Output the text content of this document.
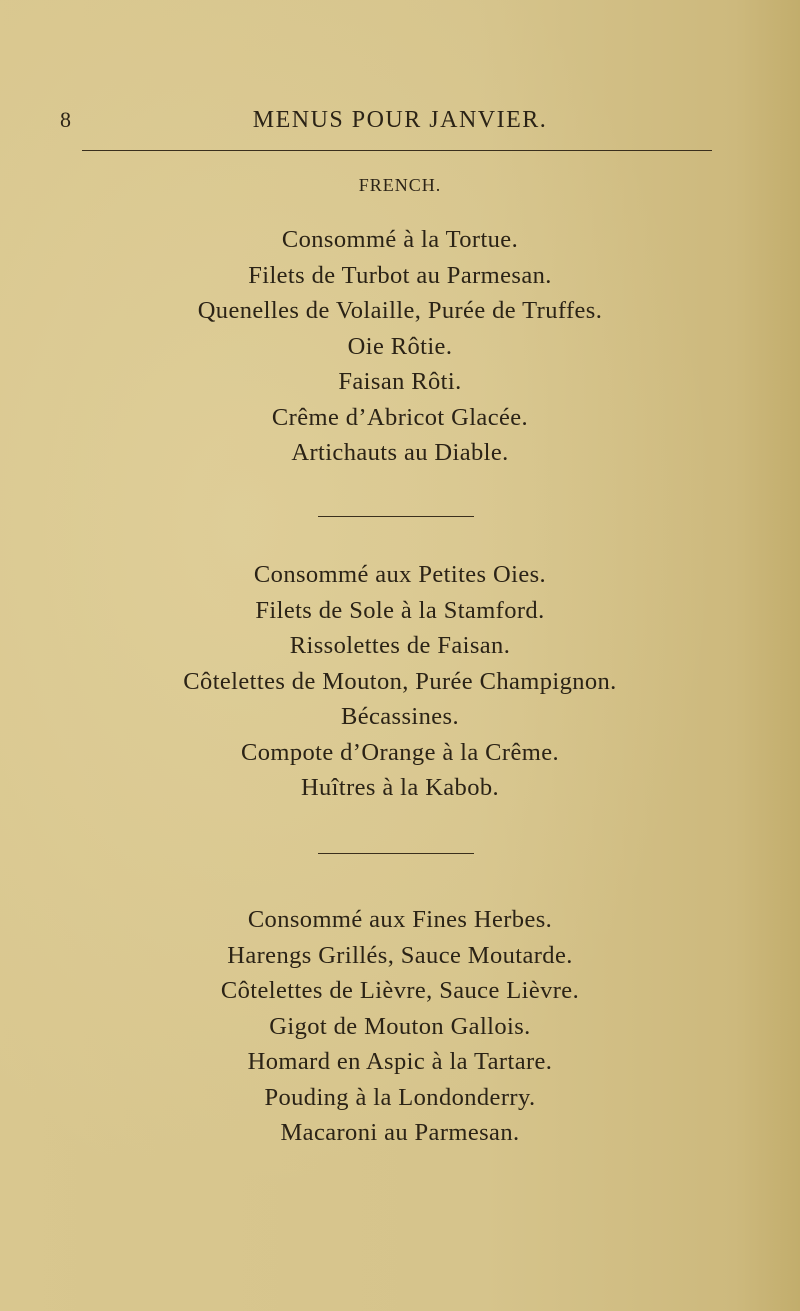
8	MENUS POUR JANVIER.
FRENCH.
Consommé à la Tortue.
Filets de Turbot au Parmesan.
Quenelles de Volaille, Purée de Truffes.
Oie Rôtie.
Faisan Rôti.
Crême d’Abricot Glacée.
Artichauts au Diable.
Consommé aux Petites Oies.
Filets de Sole à la Stamford.
Rissolettes de Faisan.
Côtelettes de Mouton, Purée Champignon.
Bécassines.
Compote d’Orange à la Crême.
Huîtres à la Kabob.
Consommé aux Fines Herbes.
Harengs Grillés, Sauce Moutarde.
Côtelettes de Lièvre, Sauce Lièvre.
Gigot de Mouton Gallois.
Homard en Aspic à la Tartare.
Pouding à la Londonderry.
Macaroni au Parmesan.
